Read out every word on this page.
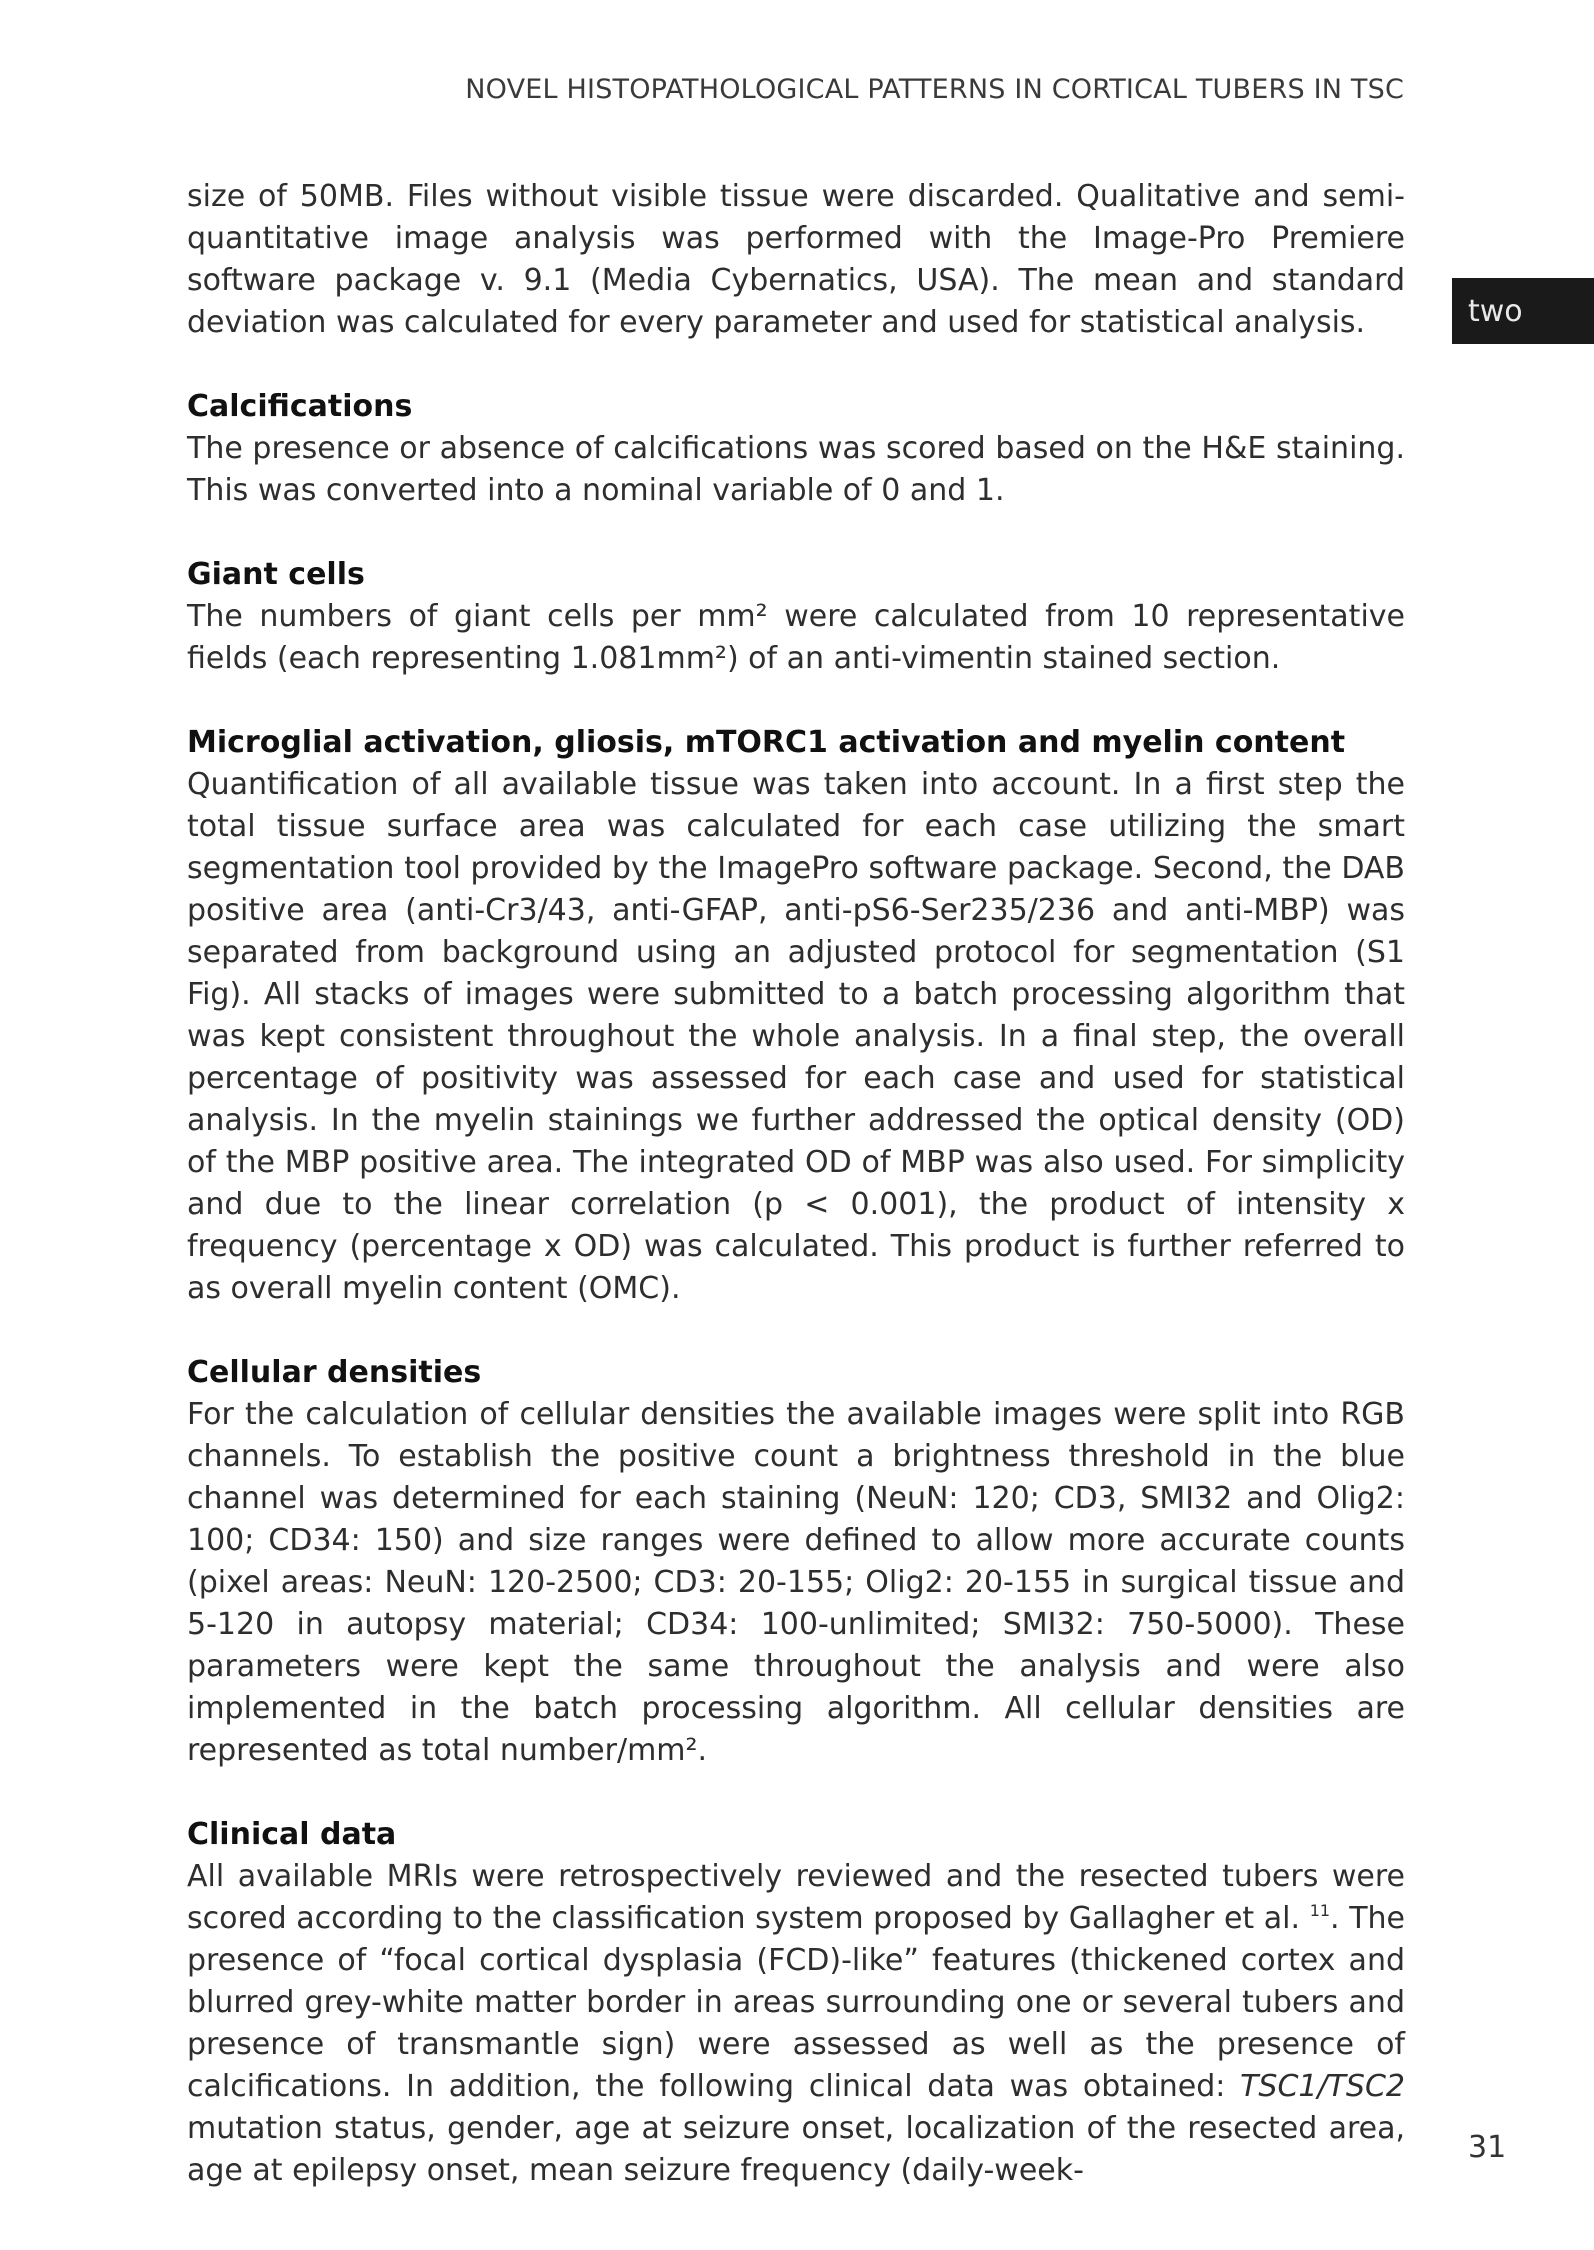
NOVEL HISTOPATHOLOGICAL PATTERNS IN CORTICAL TUBERS IN TSC
two

size of 50MB. Files without visible tissue were discarded. Qualitative and semi-quantitative image analysis was performed with the Image-Pro Premiere software package v. 9.1 (Media Cybernatics, USA). The mean and standard deviation was calculated for every parameter and used for statistical analysis.

Calcifications

The presence or absence of calcifications was scored based on the H&E staining. This was converted into a nominal variable of 0 and 1.

Giant cells

The numbers of giant cells per mm² were calculated from 10 representative fields (each representing 1.081mm²) of an anti-vimentin stained section.

Microglial activation, gliosis, mTORC1 activation and myelin content

Quantification of all available tissue was taken into account. In a first step the total tissue surface area was calculated for each case utilizing the smart segmentation tool provided by the ImagePro software package. Second, the DAB positive area (anti-Cr3/43, anti-GFAP, anti-pS6-Ser235/236 and anti-MBP) was separated from background using an adjusted protocol for segmentation (S1 Fig). All stacks of images were submitted to a batch processing algorithm that was kept consistent throughout the whole analysis. In a final step, the overall percentage of positivity was assessed for each case and used for statistical analysis. In the myelin stainings we further addressed the optical density (OD) of the MBP positive area. The integrated OD of MBP was also used. For simplicity and due to the linear correlation (p < 0.001), the product of intensity x frequency (percentage x OD) was calculated. This product is further referred to as overall myelin content (OMC).

Cellular densities

For the calculation of cellular densities the available images were split into RGB channels. To establish the positive count a brightness threshold in the blue channel was determined for each staining (NeuN: 120; CD3, SMI32 and Olig2: 100; CD34: 150) and size ranges were defined to allow more accurate counts (pixel areas: NeuN: 120-2500; CD3: 20-155; Olig2: 20-155 in surgical tissue and 5-120 in autopsy material; CD34: 100-unlimited; SMI32: 750-5000). These parameters were kept the same throughout the analysis and were also implemented in the batch processing algorithm. All cellular densities are represented as total number/mm².

Clinical data

All available MRIs were retrospectively reviewed and the resected tubers were scored according to the classification system proposed by Gallagher et al. $^{11}$. The presence of “focal cortical dysplasia (FCD)-like” features (thickened cortex and blurred grey-white matter border in areas surrounding one or several tubers and presence of transmantle sign) were assessed as well as the presence of calcifications. In addition, the following clinical data was obtained: TSC1/TSC2 mutation status, gender, age at seizure onset, localization of the resected area, age at epilepsy onset, mean seizure frequency (daily-week-

31
